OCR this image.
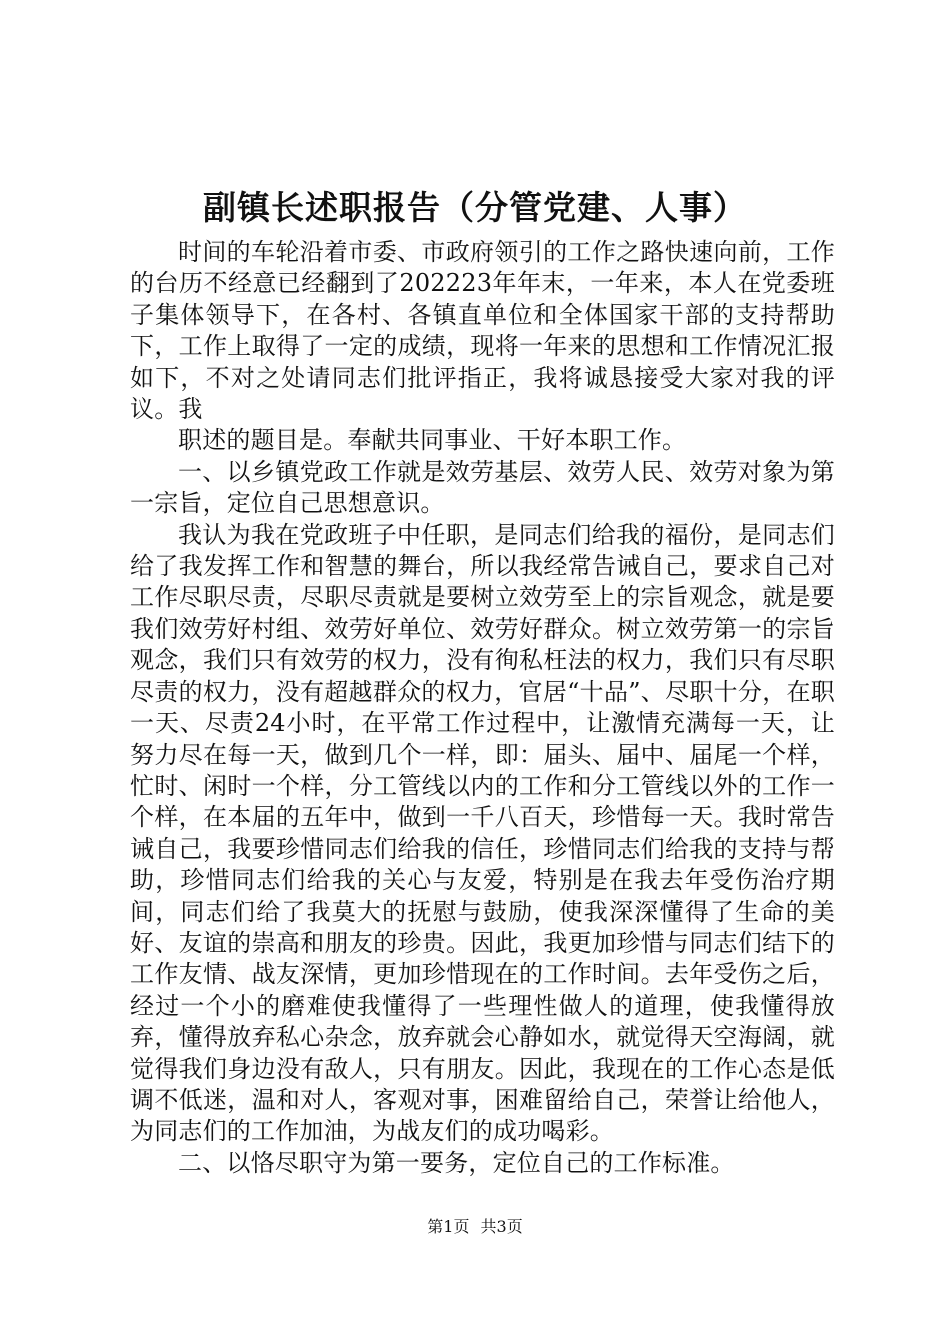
副镇长述职报告（分管党建、人事）

时间的车轮沿着市委、市政府领引的工作之路快速向前，工作的台历不经意已经翻到了202223年年末，一年来，本人在党委班子集体领导下，在各村、各镇直单位和全体国家干部的支持帮助下，工作上取得了一定的成绩，现将一年来的思想和工作情况汇报如下，不对之处请同志们批评指正，我将诚恳接受大家对我的评议。我

职述的题目是。奉献共同事业、干好本职工作。

一、以乡镇党政工作就是效劳基层、效劳人民、效劳对象为第一宗旨，定位自己思想意识。

我认为我在党政班子中任职，是同志们给我的福份，是同志们给了我发挥工作和智慧的舞台，所以我经常告诫自己，要求自己对工作尽职尽责，尽职尽责就是要树立效劳至上的宗旨观念，就是要我们效劳好村组、效劳好单位、效劳好群众。树立效劳第一的宗旨观念，我们只有效劳的权力，没有徇私枉法的权力，我们只有尽职尽责的权力，没有超越群众的权力，官居“十品”、尽职十分，在职一天、尽责24小时，在平常工作过程中，让激情充满每一天，让努力尽在每一天，做到几个一样，即：届头、届中、届尾一个样，忙时、闲时一个样，分工管线以内的工作和分工管线以外的工作一个样，在本届的五年中，做到一千八百天，珍惜每一天。我时常告诫自己，我要珍惜同志们给我的信任，珍惜同志们给我的支持与帮助，珍惜同志们给我的关心与友爱，特别是在我去年受伤治疗期间，同志们给了我莫大的抚慰与鼓励，使我深深懂得了生命的美好、友谊的崇高和朋友的珍贵。因此，我更加珍惜与同志们结下的工作友情、战友深情，更加珍惜现在的工作时间。去年受伤之后，经过一个小的磨难使我懂得了一些理性做人的道理，使我懂得放弃，懂得放弃私心杂念，放弃就会心静如水，就觉得天空海阔，就觉得我们身边没有敌人，只有朋友。因此，我现在的工作心态是低调不低迷，温和对人，客观对事，困难留给自己，荣誉让给他人，为同志们的工作加油，为战友们的成功喝彩。

二、以恪尽职守为第一要务，定位自己的工作标准。

第1页 共3页
